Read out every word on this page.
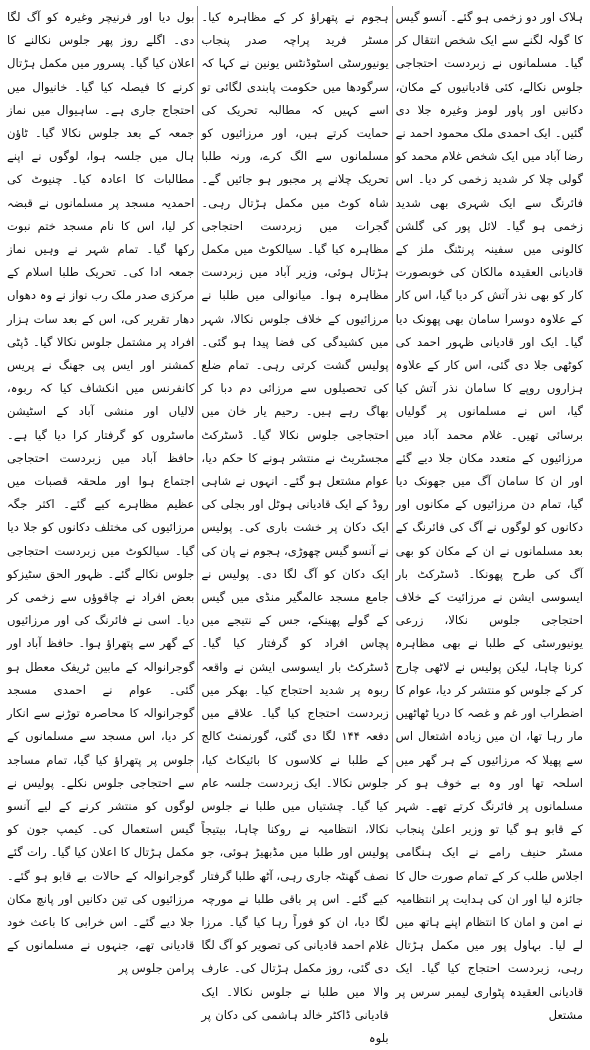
ہلاک اور دو زخمی ہو گئے۔ آنسو گیس کا گولہ لگنے سے ایک شخص انتقال کر گیا۔ مسلمانوں نے زبردست احتجاجی جلوس نکالے، کئی قادیانیوں کے مکان، دکانیں اور پاور لومز وغیرہ جلا دی گئیں۔ ایک احمدی ملک محمود احمد نے رضا آباد میں ایک شخص غلام محمد کو گولی چلا کر شدید زخمی کر دیا۔ اس فائرنگ سے ایک شہری بھی شدید زخمی ہو گیا۔ لائل پور کی گلشن کالونی میں سفینہ پرنٹنگ ملز کے قادیانی العقیدہ مالکان کی خوبصورت کار کو بھی نذر آتش کر دیا گیا، اس کار کے علاوہ دوسرا سامان بھی پھونک دیا گیا۔ ایک اور قادیانی ظہور احمد کی کوٹھی جلا دی گئی، اس کار کے علاوہ ہزاروں روپے کا سامان نذر آتش کیا گیا، اس نے مسلمانوں پر گولیاں برسائی تھیں۔ غلام محمد آباد میں مرزائیوں کے متعدد مکان جلا دیے گئے اور ان کا سامان آگ میں جھونک دیا گیا، تمام دن مرزائیوں کے مکانوں اور دکانوں کو لوگوں نے آگ کی فائرنگ کے بعد مسلمانوں نے ان کے مکان کو بھی آگ کی طرح پھونکا۔ ڈسٹرکٹ بار ایسوسی ایشن نے مرزائیت کے خلاف احتجاجی جلوس نکالا، زرعی یونیورسٹی کے طلبا نے بھی مظاہرہ کرنا چاہا، لیکن پولیس نے لاٹھی چارج کر کے جلوس کو منتشر کر دیا، عوام کا اضطراب اور غم و غصہ کا دریا ٹھاٹھیں مار رہا تھا، ان میں زیادہ اشتعال اس سے پھیلا کہ مرزائیوں کے ہر گھر میں اسلحہ تھا اور وہ بے خوف ہو کر مسلمانوں پر فائرنگ کرتے تھے۔ شہر کے قابو ہو گیا تو وزیر اعلیٰ پنجاب مسٹر حنیف رامے نے ایک ہنگامی اجلاس طلب کر کے تمام صورت حال کا جائزہ لیا اور ان کی ہدایت پر انتظامیہ نے امن و امان کا انتظام اپنے ہاتھ میں لے لیا۔ بہاول پور میں مکمل ہڑتال رہی، زبردست احتجاج کیا گیا۔ ایک قادیانی العقیدہ پٹواری لیمبر سرس پر مشتعل

ہجوم نے پتھراؤ کر کے مظاہرہ کیا۔ مسٹر فرید پراچہ صدر پنجاب یونیورسٹی اسٹوڈنٹس یونین نے کہا کہ سرگودھا میں حکومت پابندی لگائی تو اسے کہیں کہ مطالبہ تحریک کی حمایت کرتے ہیں، اور مرزائیوں کو مسلمانوں سے الگ کرے، ورنہ طلبا تحریک چلانے پر مجبور ہو جائیں گے۔ شاہ کوٹ میں مکمل ہڑتال رہی۔ گجرات میں زبردست احتجاجی مظاہرہ کیا گیا۔ سیالکوٹ میں مکمل ہڑتال ہوئی، وزیر آباد میں زبردست مظاہرہ ہوا۔ میانوالی میں طلبا نے مرزائیوں کے خلاف جلوس نکالا، شہر میں کشیدگی کی فضا پیدا ہو گئی۔ پولیس گشت کرتی رہی۔ تمام ضلع کی تحصیلوں سے مرزائی دم دبا کر بھاگ رہے ہیں۔ رحیم یار خان میں احتجاجی جلوس نکالا گیا۔ ڈسٹرکٹ مجسٹریٹ نے منتشر ہونے کا حکم دیا، عوام مشتعل ہو گئے۔ انہوں نے شاہی روڈ کے ایک قادیانی ہوٹل اور بجلی کی ایک دکان پر خشت باری کی۔ پولیس نے آنسو گیس چھوڑی، ہجوم نے پان کی ایک دکان کو آگ لگا دی۔ پولیس نے جامع مسجد عالمگیر منڈی میں گیس کے گولے پھینکے، جس کے نتیجے میں پچاس افراد کو گرفتار کیا گیا۔ ڈسٹرکٹ بار ایسوسی ایشن نے واقعہ ربوہ پر شدید احتجاج کیا۔ بھکر میں زبردست احتجاج کیا گیا۔ علاقے میں دفعہ ۱۴۴ لگا دی گئی، گورنمنٹ کالج کے طلبا نے کلاسوں کا بائیکاٹ کیا، جلوس نکالا۔ ایک زبردست جلسہ عام کیا گیا۔ چشتیاں میں طلبا نے جلوس نکالا، انتظامیہ نے روکنا چاہا، بیتیجاً پولیس اور طلبا میں مڈبھیڑ ہوئی، جو نصف گھنٹہ جاری رہی، آٹھ طلبا گرفتار کیے گئے۔ اس پر باقی طلبا نے مورچہ لگا دیا، ان کو فوراً رہا کیا گیا۔ مرزا غلام احمد قادیانی کی تصویر کو آگ لگا دی گئی، روز مکمل ہڑتال کی۔ عارف والا میں طلبا نے جلوس نکالا۔ ایک قادیانی ڈاکٹر خالد ہاشمی کی دکان پر بلوہ

بول دیا اور فرنیچر وغیرہ کو آگ لگا دی۔ اگلے روز پھر جلوس نکالنے کا اعلان کیا گیا۔ پسرور میں مکمل ہڑتال کرنے کا فیصلہ کیا گیا۔ خانیوال میں احتجاج جاری ہے۔ ساہیوال میں نماز جمعہ کے بعد جلوس نکالا گیا۔ ٹاؤن ہال میں جلسہ ہوا، لوگوں نے اپنے مطالبات کا اعادہ کیا۔ چنیوٹ کی احمدیہ مسجد پر مسلمانوں نے قبضہ کر لیا، اس کا نام مسجد ختم نبوت رکھا گیا۔ تمام شہر نے وہیں نماز جمعہ ادا کی۔ تحریک طلبا اسلام کے مرکزی صدر ملک رب نواز نے وہ دھواں دھار تقریر کی، اس کے بعد سات ہزار افراد پر مشتمل جلوس نکالا گیا۔ ڈپٹی کمشنر اور ایس پی جھنگ نے پریس کانفرنس میں انکشاف کیا کہ ربوہ، لالیاں اور منشی آباد کے اسٹیشن ماسٹروں کو گرفتار کرا دیا گیا ہے۔ حافظ آباد میں زبردست احتجاجی اجتماع ہوا اور ملحقہ قصبات میں عظیم مظاہرے کیے گئے۔ اکثر جگہ مرزائیوں کی مختلف دکانوں کو جلا دیا گیا۔ سیالکوٹ میں زبردست احتجاجی جلوس نکالے گئے۔ ظہور الحق سٹیزکو بعض افراد نے چاقوؤں سے زخمی کر دیا۔ اسی نے فائرنگ کی اور مرزائیوں کے گھر سے پتھراؤ ہوا۔ حافظ آباد اور گوجرانوالہ کے مابین ٹریفک معطل ہو گئی۔ عوام نے احمدی مسجد گوجرانوالہ کا محاصرہ توڑنے سے انکار کر دیا، اس مسجد سے مسلمانوں کے جلوس پر پتھراؤ کیا گیا، تمام مساجد سے احتجاجی جلوس نکلے۔ پولیس نے لوگوں کو منتشر کرنے کے لیے آنسو گیس استعمال کی۔ کیمپ جون کو مکمل ہڑتال کا اعلان کیا گیا۔ رات گئے گوجرانوالہ کے حالات بے قابو ہو گئے۔ مرزائیوں کی تین دکانیں اور پانچ مکان جلا دیے گئے۔ اس خرابی کا باعث خود قادیانی تھے، جنہوں نے مسلمانوں کے پرامن جلوس پر
